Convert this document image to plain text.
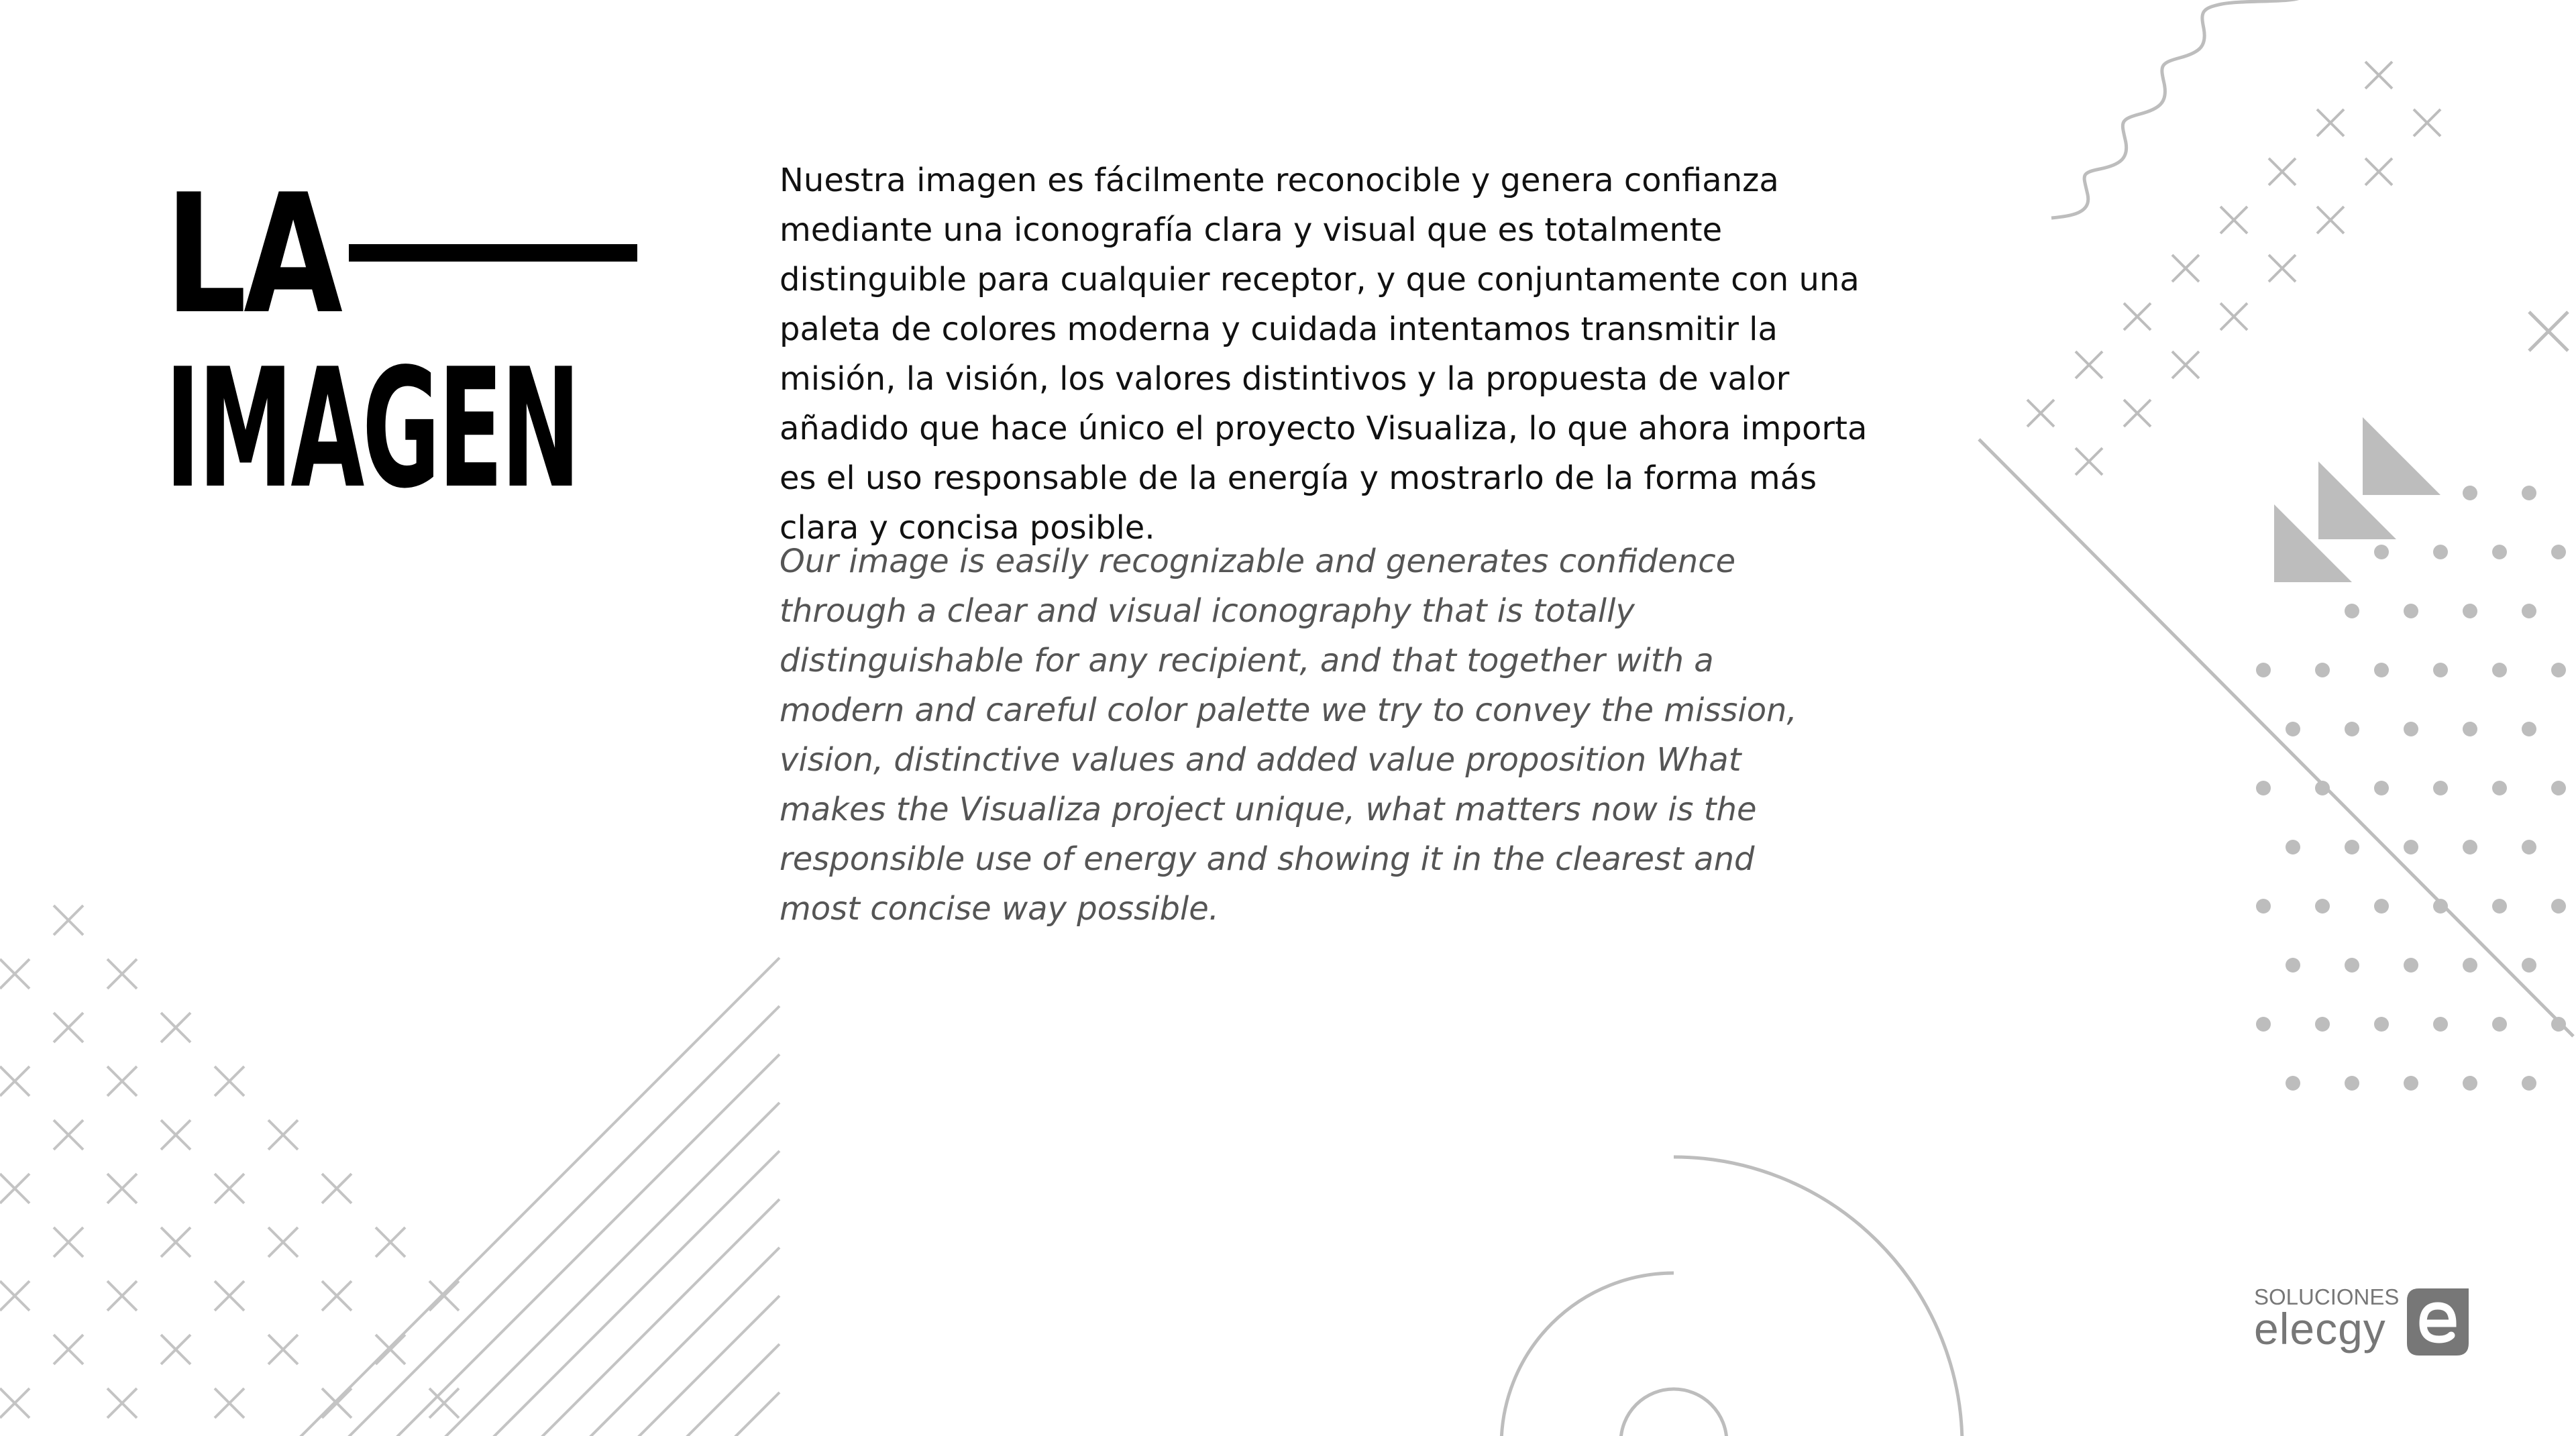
LA
IMAGEN

Nuestra imagen es fácilmente reconocible y genera confianza mediante una iconografía clara y visual que es totalmente distinguible para cualquier receptor, y que conjuntamente con una paleta de colores moderna y cuidada intentamos transmitir la misión, la visión, los valores distintivos y la propuesta de valor añadido que hace único el proyecto Visualiza, lo que ahora importa es el uso responsable de la energía y mostrarlo de la forma más clara y concisa posible.

Our image is easily recognizable and generates confidence through a clear and visual iconography that is totally distinguishable for any recipient, and that together with a modern and careful color palette we try to convey the mission, vision, distinctive values and added value proposition What makes the Visualiza project unique, what matters now is the responsible use of energy and showing it in the clearest and most concise way possible.

SOLUCIONES
elecgy
